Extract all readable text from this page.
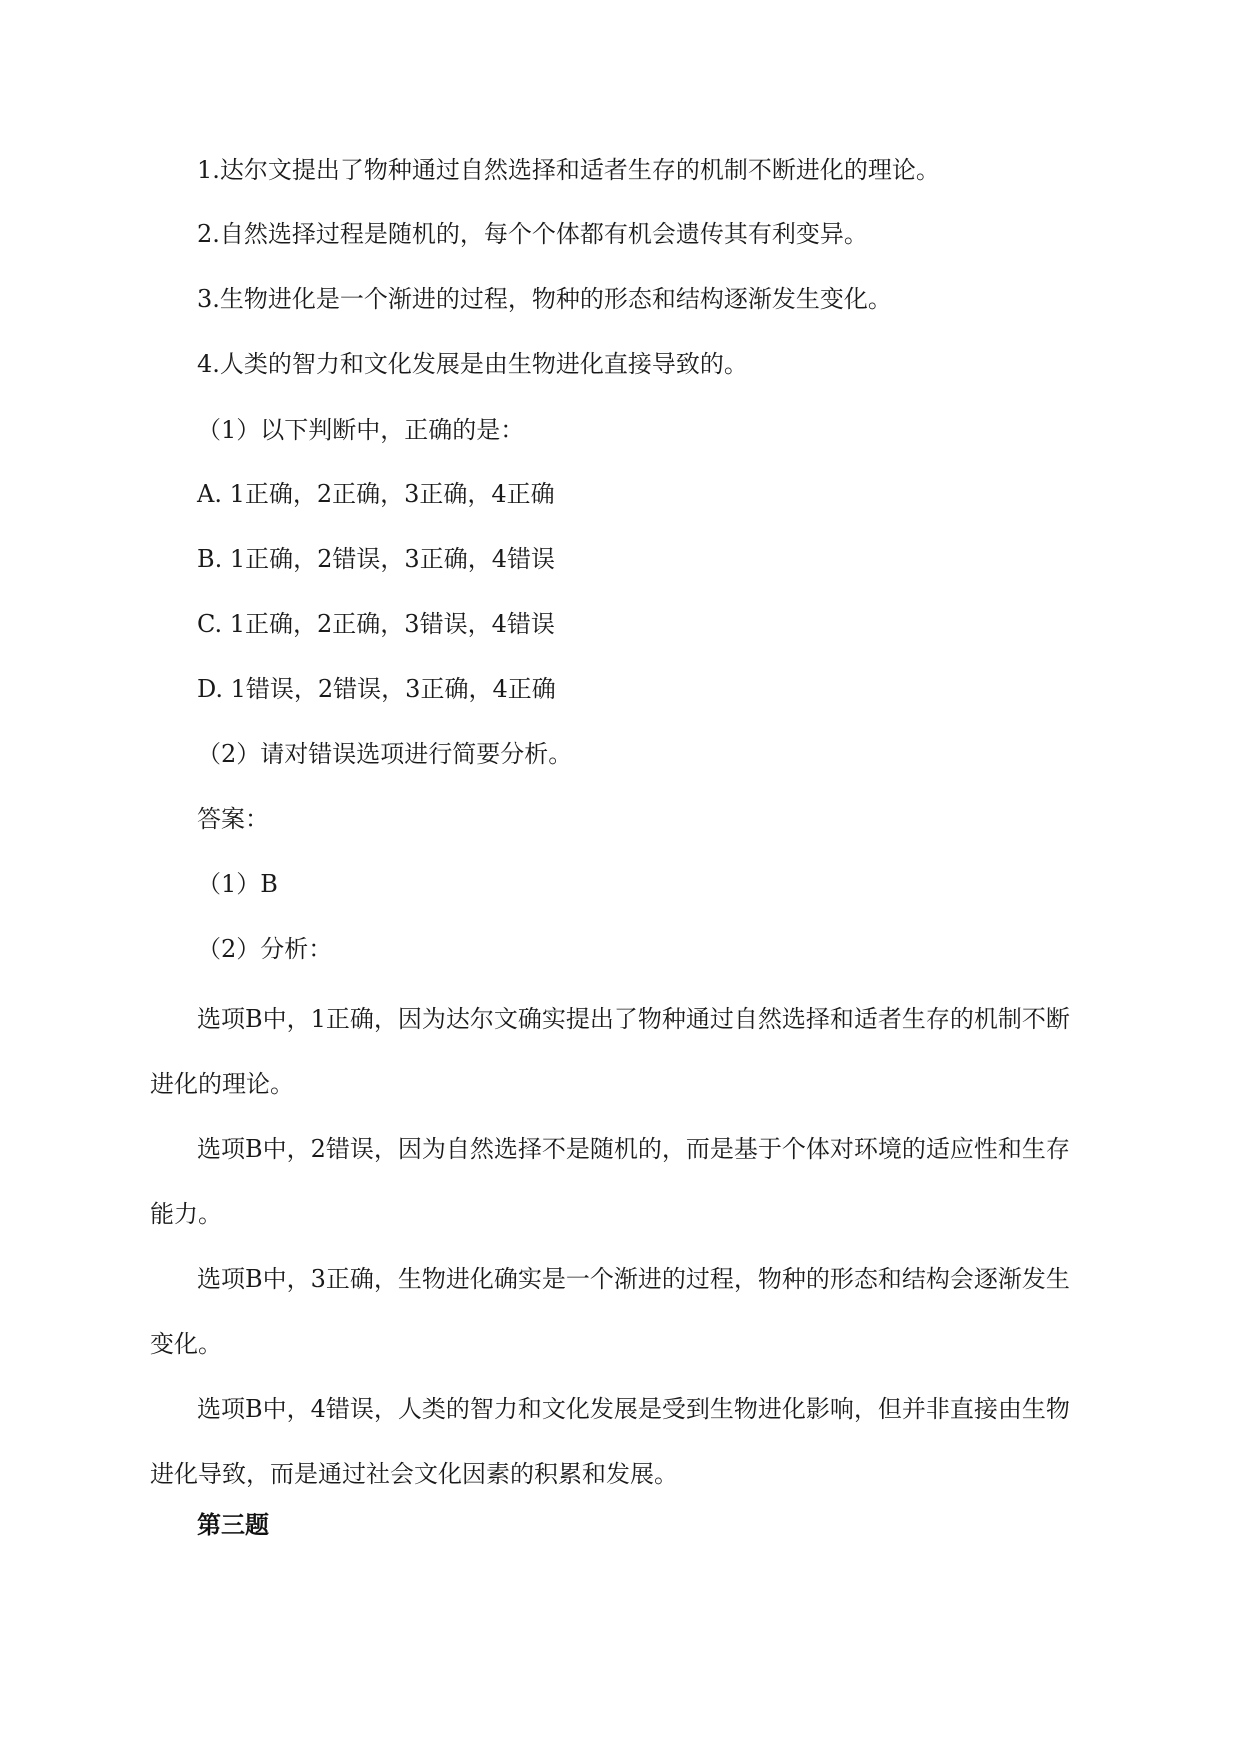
1.达尔文提出了物种通过自然选择和适者生存的机制不断进化的理论。

2.自然选择过程是随机的，每个个体都有机会遗传其有利变异。

3.生物进化是一个渐进的过程，物种的形态和结构逐渐发生变化。

4.人类的智力和文化发展是由生物进化直接导致的。

（1）以下判断中，正确的是：

A. 1正确，2正确，3正确，4正确

B. 1正确，2错误，3正确，4错误

C. 1正确，2正确，3错误，4错误

D. 1错误，2错误，3正确，4正确

（2）请对错误选项进行简要分析。

答案：

（1）B

（2）分析：

选项B中，1正确，因为达尔文确实提出了物种通过自然选择和适者生存的机制不断进化的理论。

选项B中，2错误，因为自然选择不是随机的，而是基于个体对环境的适应性和生存能力。

选项B中，3正确，生物进化确实是一个渐进的过程，物种的形态和结构会逐渐发生变化。

选项B中，4错误，人类的智力和文化发展是受到生物进化影响，但并非直接由生物进化导致，而是通过社会文化因素的积累和发展。

第三题
